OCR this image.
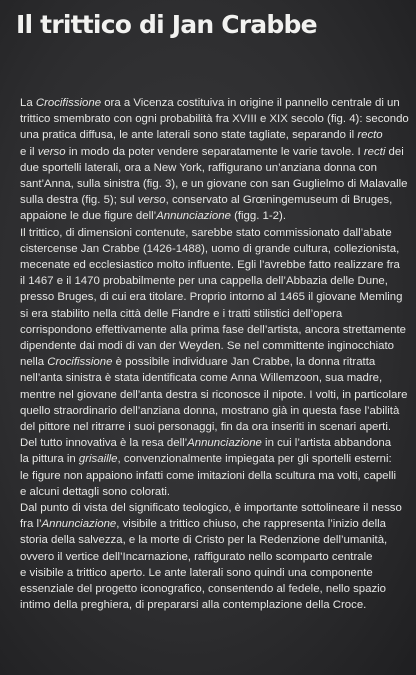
Il trittico di Jan Crabbe
La Crocifissione ora a Vicenza costituiva in origine il pannello centrale di un
trittico smembrato con ogni probabilità fra XVIII e XIX secolo (fig. 4): secondo
una pratica diffusa, le ante laterali sono state tagliate, separando il recto
e il verso in modo da poter vendere separatamente le varie tavole. I recti dei
due sportelli laterali, ora a New York, raffigurano un’anziana donna con
sant’Anna, sulla sinistra (fig. 3), e un giovane con san Guglielmo di Malavalle
sulla destra (fig. 5); sul verso, conservato al Grœningemuseum di Bruges,
appaione le due figure dell’Annunciazione (figg. 1-2).
Il trittico, di dimensioni contenute, sarebbe stato commissionato dall’abate
cistercense Jan Crabbe (1426-1488), uomo di grande cultura, collezionista,
mecenate ed ecclesiastico molto influente. Egli l’avrebbe fatto realizzare fra
il 1467 e il 1470 probabilmente per una cappella dell’Abbazia delle Dune,
presso Bruges, di cui era titolare. Proprio intorno al 1465 il giovane Memling
si era stabilito nella città delle Fiandre e i tratti stilistici dell’opera
corrispondono effettivamente alla prima fase dell’artista, ancora strettamente
dipendente dai modi di van der Weyden. Se nel committente inginocchiato
nella Crocifissione è possibile individuare Jan Crabbe, la donna ritratta
nell’anta sinistra è stata identificata come Anna Willemzoon, sua madre,
mentre nel giovane dell’anta destra si riconosce il nipote. I volti, in particolare
quello straordinario dell’anziana donna, mostrano già in questa fase l’abilità
del pittore nel ritrarre i suoi personaggi, fin da ora inseriti in scenari aperti.
Del tutto innovativa è la resa dell’Annunciazione in cui l’artista abbandona
la pittura in grisaille, convenzionalmente impiegata per gli sportelli esterni:
le figure non appaiono infatti come imitazioni della scultura ma volti, capelli
e alcuni dettagli sono colorati.
Dal punto di vista del significato teologico, è importante sottolineare il nesso
fra l’Annunciazione, visibile a trittico chiuso, che rappresenta l’inizio della
storia della salvezza, e la morte di Cristo per la Redenzione dell’umanità,
ovvero il vertice dell’Incarnazione, raffigurato nello scomparto centrale
e visibile a trittico aperto. Le ante laterali sono quindi una componente
essenziale del progetto iconografico, consentendo al fedele, nello spazio
intimo della preghiera, di prepararsi alla contemplazione della Croce.
